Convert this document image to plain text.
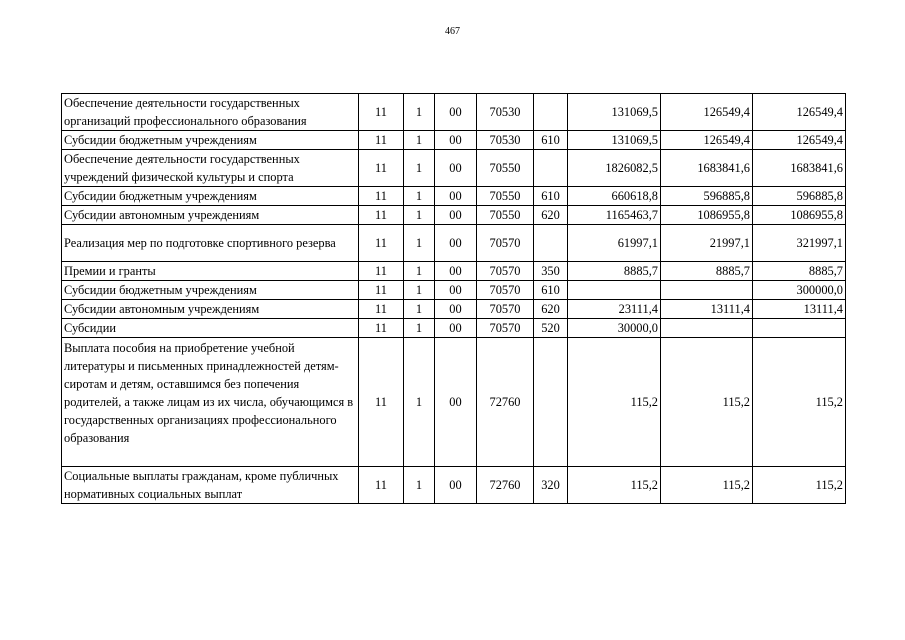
467
Обеспечение деятельности государственных организаций профессионального образования	11	1	00	70530		131069,5	126549,4	126549,4
Субсидии бюджетным учреждениям	11	1	00	70530	610	131069,5	126549,4	126549,4
Обеспечение деятельности государственных учреждений физической культуры и спорта	11	1	00	70550		1826082,5	1683841,6	1683841,6
Субсидии бюджетным учреждениям	11	1	00	70550	610	660618,8	596885,8	596885,8
Субсидии автономным учреждениям	11	1	00	70550	620	1165463,7	1086955,8	1086955,8
Реализация мер по подготовке спортивного резерва	11	1	00	70570		61997,1	21997,1	321997,1
Премии и гранты	11	1	00	70570	350	8885,7	8885,7	8885,7
Субсидии бюджетным учреждениям	11	1	00	70570	610			300000,0
Субсидии автономным учреждениям	11	1	00	70570	620	23111,4	13111,4	13111,4
Субсидии	11	1	00	70570	520	30000,0		
Выплата пособия на приобретение учебной литературы и письменных принадлежностей детям-сиротам и детям, оставшимся без попечения родителей, а также лицам из их числа, обучающимся в государственных организациях профессионального образования	11	1	00	72760		115,2	115,2	115,2
Социальные выплаты гражданам, кроме публичных нормативных социальных выплат	11	1	00	72760	320	115,2	115,2	115,2
